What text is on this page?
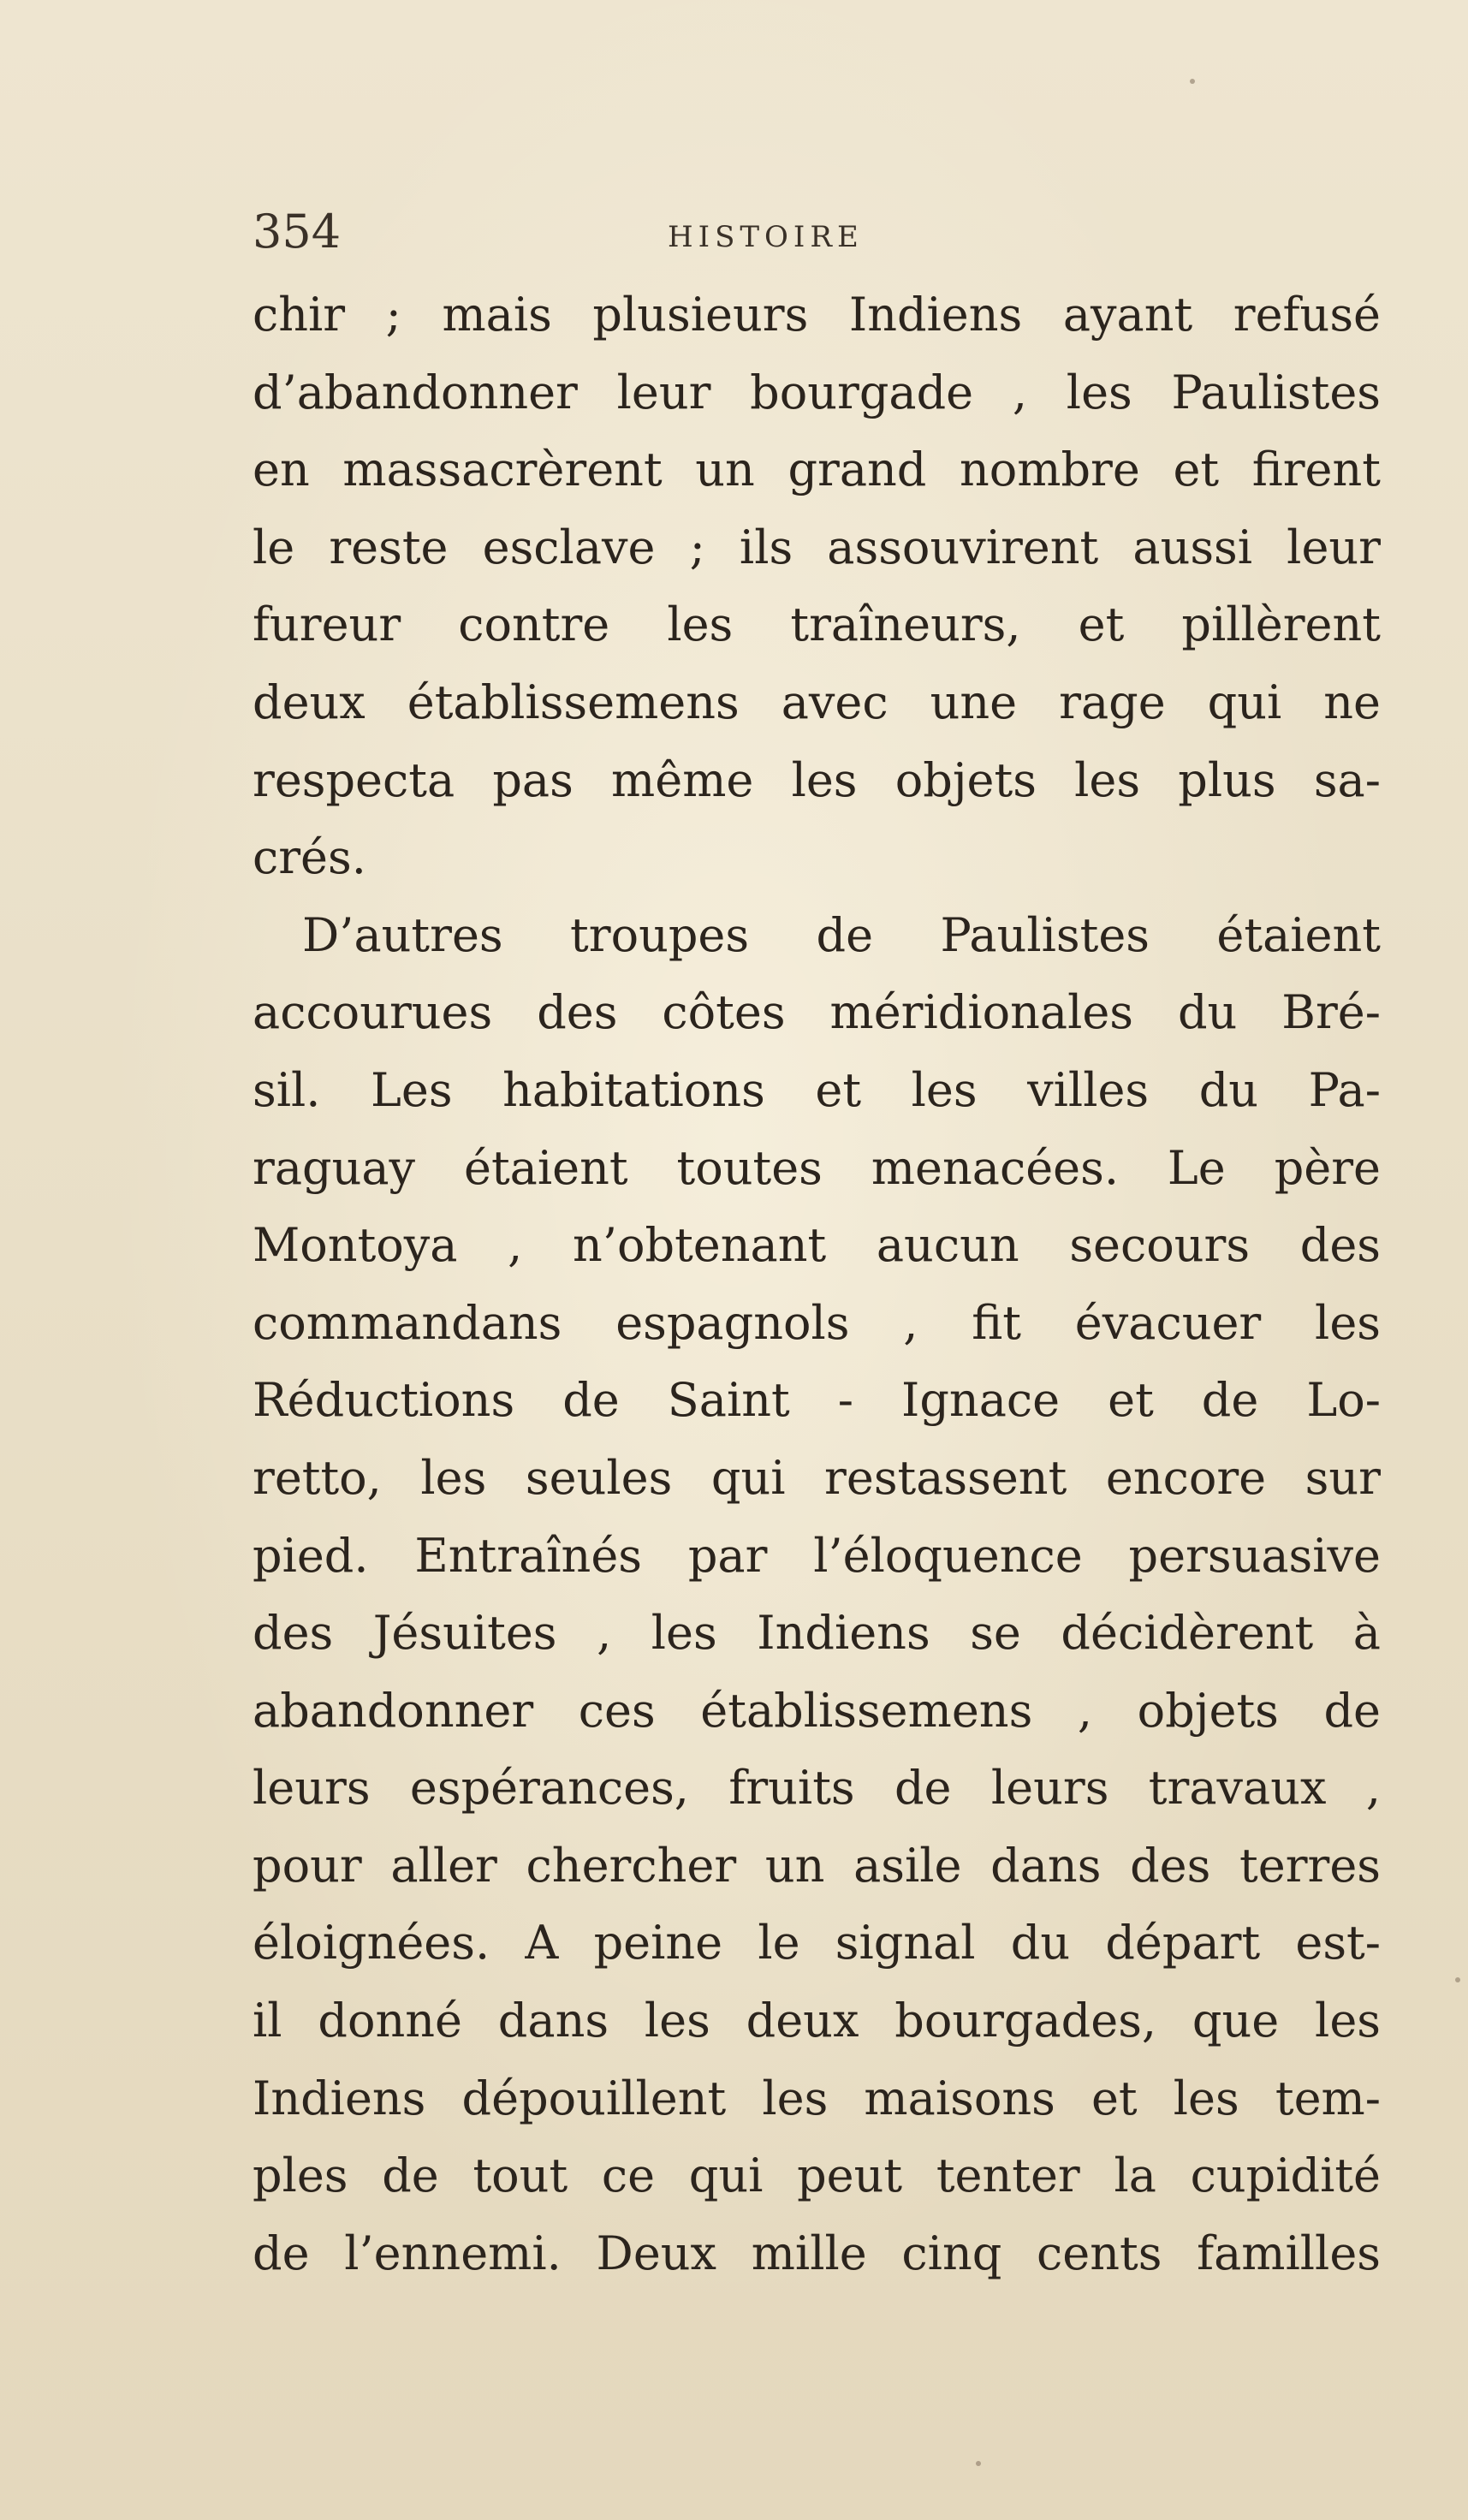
354	HISTOIRE
chir ; mais plusieurs Indiens ayant refusé
d’abandonner leur bourgade , les Paulistes
en massacrèrent un grand nombre et firent
le reste esclave ; ils assouvirent aussi leur
fureur contre les traîneurs, et pillèrent
deux établissemens avec une rage qui ne
respecta pas même les objets les plus sa-
crés.
D’autres troupes de Paulistes étaient
accourues des côtes méridionales du Bré-
sil. Les habitations et les villes du Pa-
raguay étaient toutes menacées. Le père
Montoya , n’obtenant aucun secours des
commandans espagnols , fit évacuer les
Réductions de Saint - Ignace et de Lo-
retto, les seules qui restassent encore sur
pied. Entraînés par l’éloquence persuasive
des Jésuites , les Indiens se décidèrent à
abandonner ces établissemens , objets de
leurs espérances, fruits de leurs travaux ,
pour aller chercher un asile dans des terres
éloignées. A peine le signal du départ est-
il donné dans les deux bourgades, que les
Indiens dépouillent les maisons et les tem-
ples de tout ce qui peut tenter la cupidité
de l’ennemi. Deux mille cinq cents familles
